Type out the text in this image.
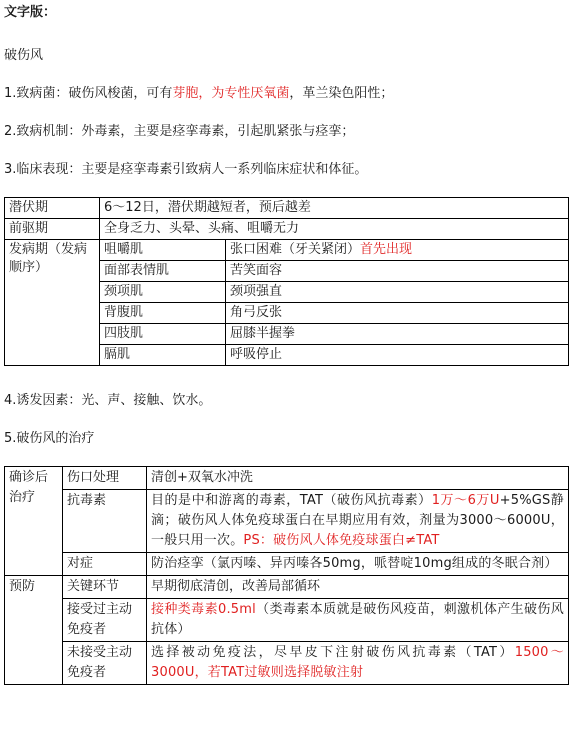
文字版：
破伤风
1.致病菌：破伤风梭菌，可有芽胞，为专性厌氧菌，革兰染色阳性；
2.致病机制：外毒素，主要是痉挛毒素，引起肌紧张与痉挛；
3.临床表现：主要是痉挛毒素引致病人一系列临床症状和体征。
潜伏期	6～12日，潜伏期越短者，预后越差	
前驱期	全身乏力、头晕、头痛、咀嚼无力	
发病期（发病顺序）	咀嚼肌	张口困难（牙关紧闭）首先出现
	面部表情肌	苦笑面容
	颈项肌	颈项强直
	背腹肌	角弓反张
	四肢肌	屈膝半握拳
	膈肌	呼吸停止
4.诱发因素：光、声、接触、饮水。
5.破伤风的治疗
确诊后治疗	伤口处理	清创+双氧水冲洗
	抗毒素	目的是中和游离的毒素，TAT（破伤风抗毒素）1万～6万U+5%GS静滴；破伤风人体免疫球蛋白在早期应用有效，剂量为3000～6000U，一般只用一次。PS：破伤风人体免疫球蛋白≠TAT
	对症	防治痉挛（氯丙嗪、异丙嗪各50mg，哌替啶10mg组成的冬眠合剂）
预防	关键环节	早期彻底清创，改善局部循环
	接受过主动免疫者	接种类毒素0.5ml（类毒素本质就是破伤风疫苗，刺激机体产生破伤风抗体）
	未接受主动免疫者	选择被动免疫法，尽早皮下注射破伤风抗毒素（TAT）1500～3000U，若TAT过敏则选择脱敏注射
